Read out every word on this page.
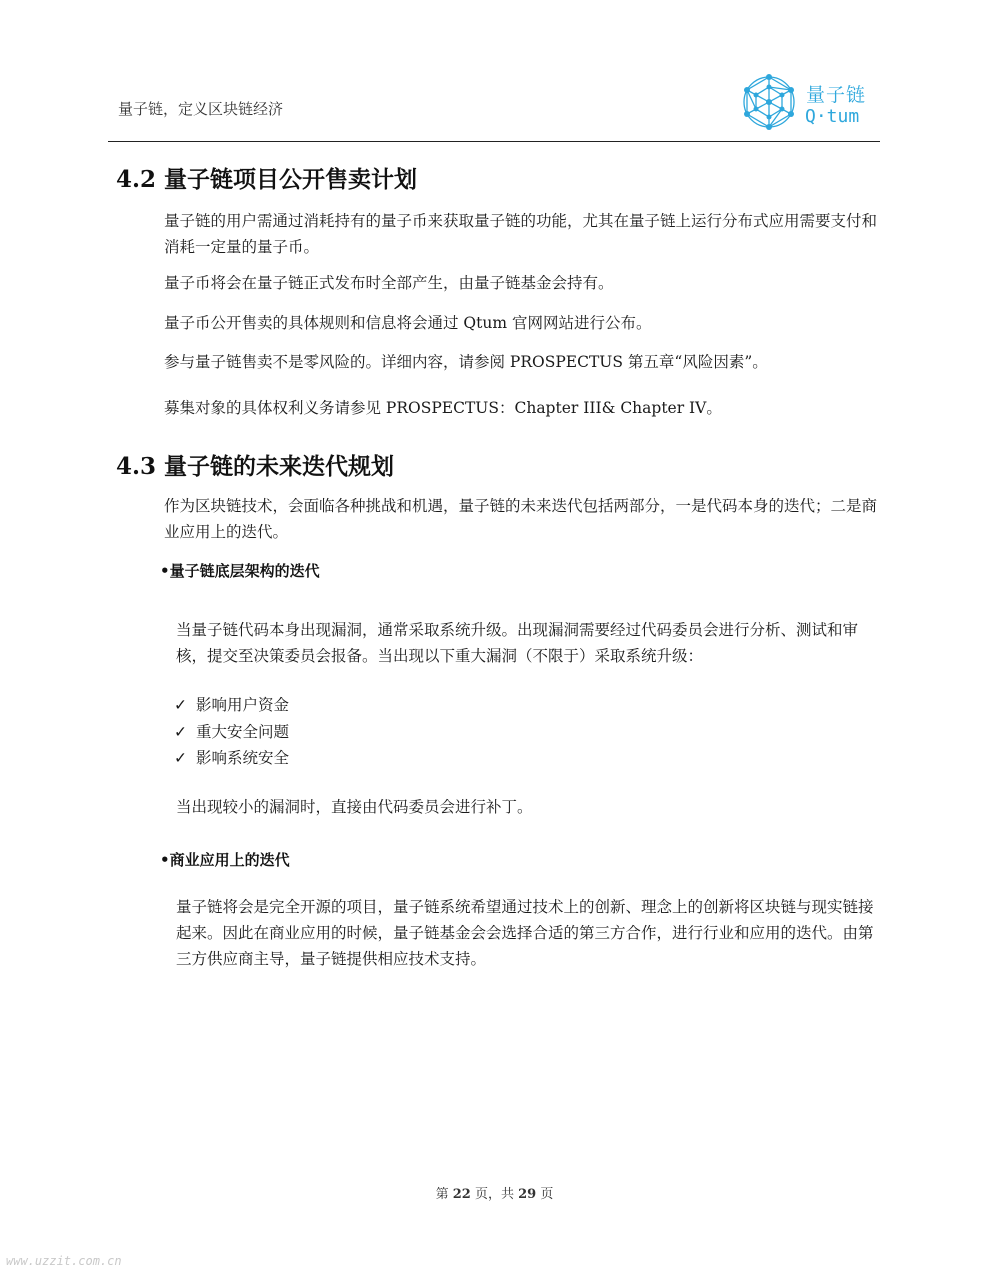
量子链，定义区块链经济
量子链
Q·tum
4.2 量子链项目公开售卖计划
量子链的用户需通过消耗持有的量子币来获取量子链的功能，尤其在量子链上运行分布式应用需要支付和消耗一定量的量子币。
量子币将会在量子链正式发布时全部产生，由量子链基金会持有。
量子币公开售卖的具体规则和信息将会通过 Qtum 官网网站进行公布。
参与量子链售卖不是零风险的。详细内容，请参阅 PROSPECTUS 第五章“风险因素”。
募集对象的具体权利义务请参见 PROSPECTUS：Chapter III& Chapter IV。
4.3 量子链的未来迭代规划
作为区块链技术，会面临各种挑战和机遇，量子链的未来迭代包括两部分，一是代码本身的迭代；二是商业应用上的迭代。
•量子链底层架构的迭代
当量子链代码本身出现漏洞，通常采取系统升级。出现漏洞需要经过代码委员会进行分析、测试和审核，提交至决策委员会报备。当出现以下重大漏洞（不限于）采取系统升级：
✓ 影响用户资金
✓ 重大安全问题
✓ 影响系统安全
当出现较小的漏洞时，直接由代码委员会进行补丁。
•商业应用上的迭代
量子链将会是完全开源的项目，量子链系统希望通过技术上的创新、理念上的创新将区块链与现实链接起来。因此在商业应用的时候，量子链基金会会选择合适的第三方合作，进行行业和应用的迭代。由第三方供应商主导，量子链提供相应技术支持。
第 22 页，共 29 页
www.uzzit.com.cn
